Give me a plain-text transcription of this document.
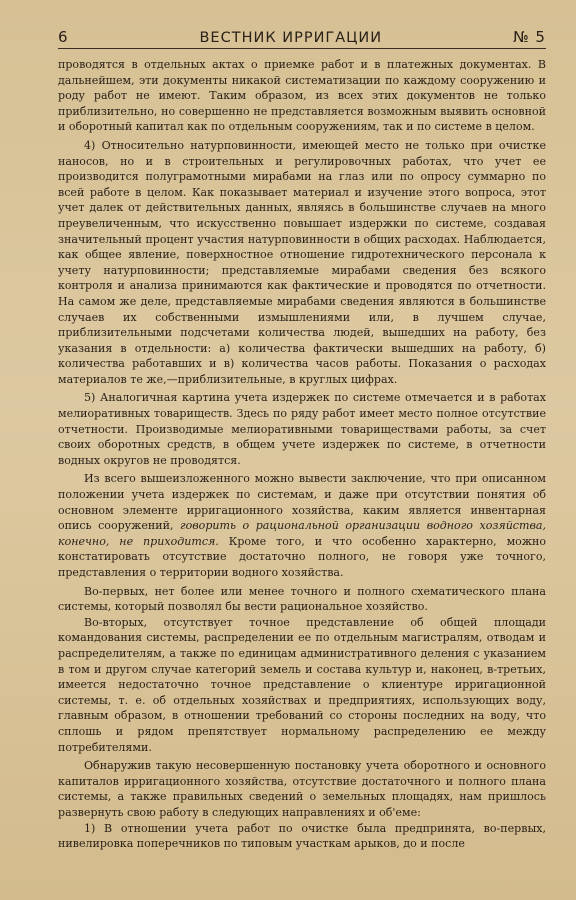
6	ВЕСТНИК ИРРИГАЦИИ	№ 5

проводятся в отдельных актах о приемке работ и в платежных документах. В дальнейшем, эти документы никакой систематизации по каждому сооружению и роду работ не имеют. Таким образом, из всех этих документов не только приблизительно, но совершенно не представляется возможным выявить основной и оборотный капитал как по отдельным сооружениям, так и по системе в целом.

4) Относительно натурповинности, имеющей место не только при очистке наносов, но и в строительных и регулировочных работах, что учет ее производится полуграмотными мирабами на глаз или по опросу суммарно по всей работе в целом. Как показывает материал и изучение этого вопроса, этот учет далек от действительных данных, являясь в большинстве случаев на много преувеличенным, что искусственно повышает издержки по системе, создавая значительный процент участия натурповинности в общих расходах. Наблюдается, как общее явление, поверхностное отношение гидротехнического персонала к учету натурповинности; представляемые мирабами сведения без всякого контроля и анализа принимаются как фактические и проводятся по отчетности. На самом же деле, представляемые мирабами сведения являются в большинстве случаев их собственными измышлениями или, в лучшем случае, приблизительными подсчетами количества людей, вышедших на работу, без указания в отдельности: а) количества фактически вышедших на работу, б) количества работавших и в) количества часов работы. Показания о расходах материалов те же,—приблизительные, в круглых цифрах.

5) Аналогичная картина учета издержек по системе отмечается и в работах мелиоративных товариществ. Здесь по ряду работ имеет место полное отсутствие отчетности. Производимые мелиоративными товариществами работы, за счет своих оборотных средств, в общем учете издержек по системе, в отчетности водных округов не проводятся.

Из всего вышеизложенного можно вывести заключение, что при описанном положении учета издержек по системам, и даже при отсутствии понятия об основном элементе ирригационного хозяйства, каким является инвентарная опись сооружений, говорить о рациональной организации водного хозяйства, конечно, не приходится. Кроме того, и что особенно характерно, можно констатировать отсутствие достаточно полного, не говоря уже точного, представления о территории водного хозяйства.

Во-первых, нет более или менее точного и полного схематического плана системы, который позволял бы вести рациональное хозяйство.

Во-вторых, отсутствует точное представление об общей площади командования системы, распределении ее по отдельным магистралям, отводам и распределителям, а также по единицам административного деления с указанием в том и другом случае категорий земель и состава культур и, наконец, в-третьих, имеется недостаточно точное представление о клиентуре ирригационной системы, т. е. об отдельных хозяйствах и предприятиях, использующих воду, главным образом, в отношении требований со стороны последних на воду, что сплошь и рядом препятствует нормальному распределению ее между потребителями.

Обнаружив такую несовершенную постановку учета оборотного и основного капиталов ирригационного хозяйства, отсутствие достаточного и полного плана системы, а также правильных сведений о земельных площадях, нам пришлось развернуть свою работу в следующих направлениях и об'еме:

1) В отношении учета работ по очистке была предпринята, во-первых, нивелировка поперечников по типовым участкам арыков, до и после
